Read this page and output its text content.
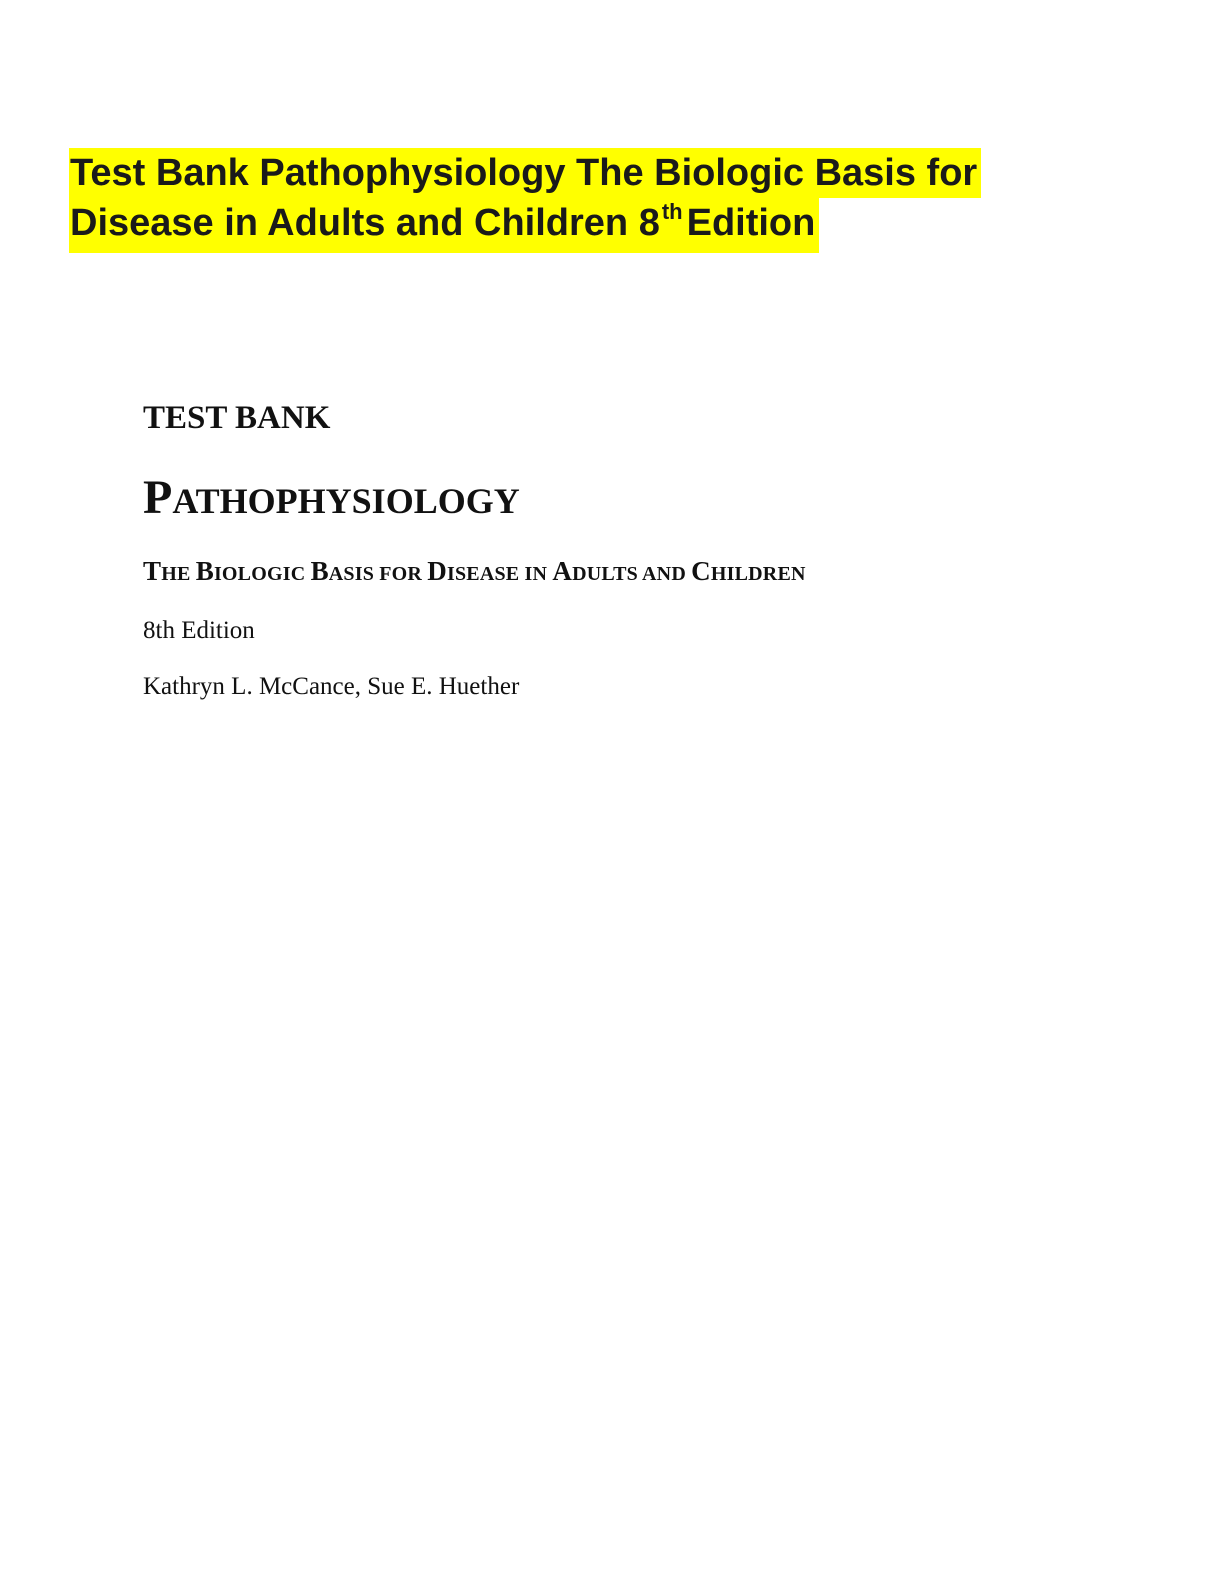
Test Bank Pathophysiology The Biologic Basis for
Disease in Adults and Children 8th Edition
TEST BANK
PATHOPHYSIOLOGY
THE BIOLOGIC BASIS FOR DISEASE IN ADULTS AND CHILDREN
8th Edition
Kathryn L. McCance, Sue E. Huether
